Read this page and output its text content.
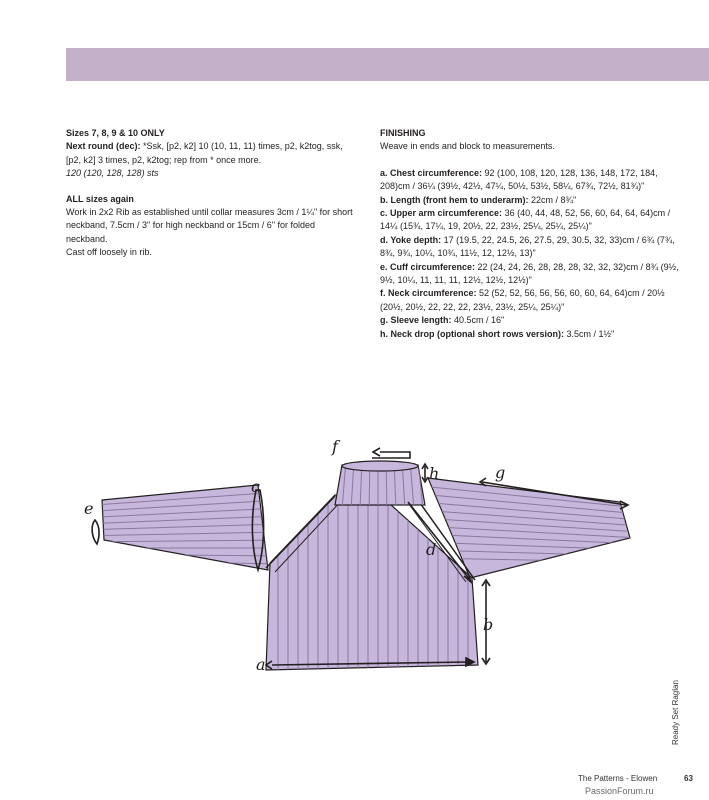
Sizes 7, 8, 9 & 10 ONLY

Next round (dec): *Ssk, [p2, k2] 10 (10, 11, 11) times, p2, k2tog, ssk, [p2, k2] 3 times, p2, k2tog; rep from * once more.

120 (120, 128, 128) sts

ALL sizes again

Work in 2x2 Rib as established until collar measures 3cm / 1¼" for short neckband, 7.5cm / 3" for high neckband or 15cm / 6" for folded neckband.

Cast off loosely in rib.

FINISHING

Weave in ends and block to measurements.

a. Chest circumference: 92 (100, 108, 120, 128, 136, 148, 172, 184, 208)cm / 36¼ (39½, 42½, 47¼, 50½, 53½, 58¼, 67¾, 72½, 81¾)"

b. Length (front hem to underarm): 22cm / 8¾"

c. Upper arm circumference: 36 (40, 44, 48, 52, 56, 60, 64, 64, 64)cm / 14¼ (15¾, 17¼, 19, 20½, 22, 23½, 25¼, 25¼, 25¼)"

d. Yoke depth: 17 (19.5, 22, 24.5, 26, 27.5, 29, 30.5, 32, 33)cm / 6¾ (7¾, 8¾, 9¾, 10¼, 10¾, 11½, 12, 12½, 13)"

e. Cuff circumference: 22 (24, 24, 26, 28, 28, 28, 32, 32, 32)cm / 8¾ (9½, 9½, 10¼, 11, 11, 11, 12½, 12½, 12½)"

f. Neck circumference: 52 (52, 52, 56, 56, 56, 60, 60, 64, 64)cm / 20½ (20½, 20½, 22, 22, 22, 23½, 23½, 25¼, 25¼)"

g. Sleeve length: 40.5cm / 16"

h. Neck drop (optional short rows version): 3.5cm / 1½"

a
b
c
d
e
f
g
h
Ready Set Raglan
The Patterns - Elowen	63
PassionForum.ru
